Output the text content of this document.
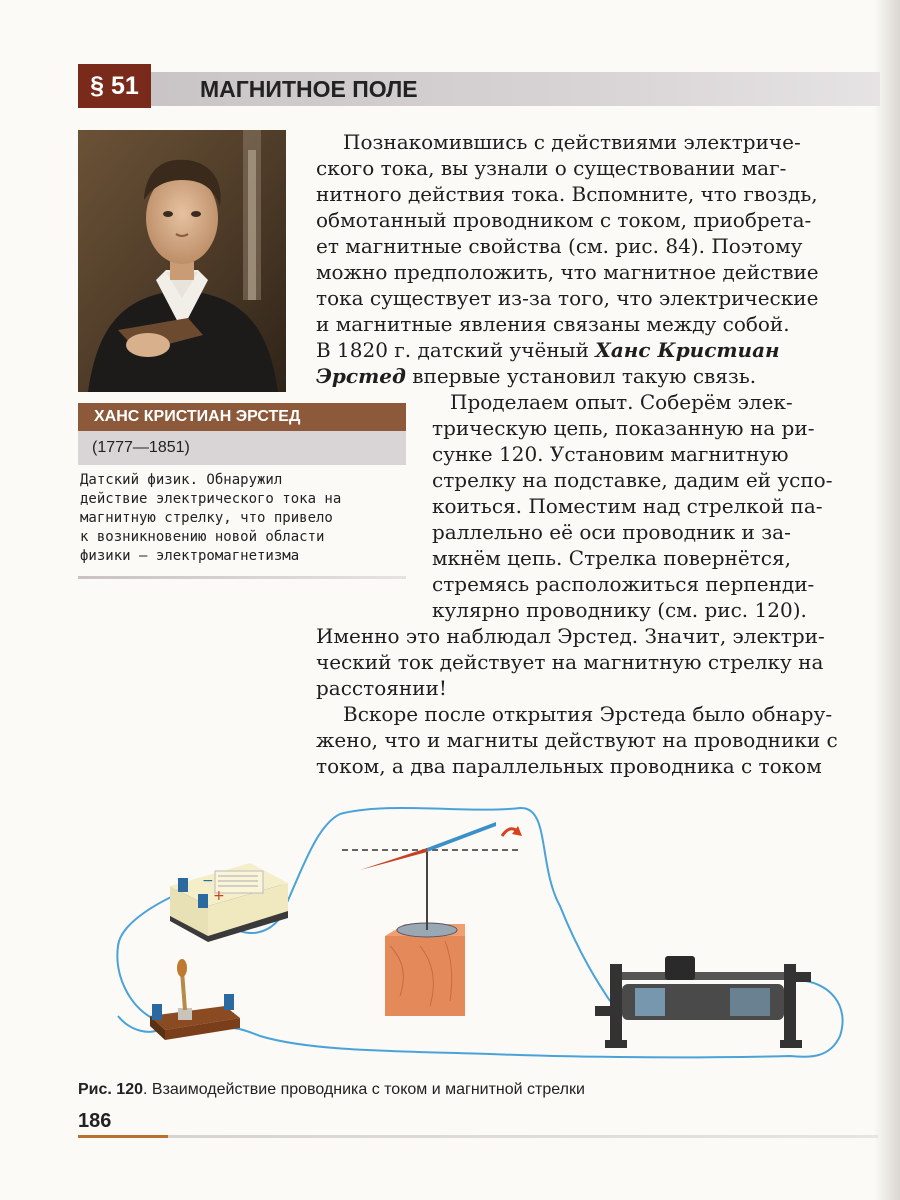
§ 51	МАГНИТНОЕ ПОЛЕ
ХАНС КРИСТИАН ЭРСТЕД
(1777—1851)
Датский физик. Обнаружил
действие электрического тока на
магнитную стрелку, что привело
к возникновению новой области
физики — электромагнетизма
Познакомившись с действиями электриче-
ского тока, вы узнали о существовании маг-
нитного действия тока. Вспомните, что гвоздь,
обмотанный проводником с током, приобрета-
ет магнитные свойства (см. рис. 84). Поэтому
можно предположить, что магнитное действие
тока существует из-за того, что электрические
и магнитные явления связаны между собой.
В 1820 г. датский учёный Ханс Кристиан
Эрстед впервые установил такую связь.
Проделаем опыт. Соберём элек-
трическую цепь, показанную на ри-
сунке 120. Установим магнитную
стрелку на подставке, дадим ей успо-
коиться. Поместим над стрелкой па-
раллельно её оси проводник и за-
мкнём цепь. Стрелка повернётся,
стремясь расположиться перпенди-
кулярно проводнику (см. рис. 120).
Именно это наблюдал Эрстед. Значит, электри-
ческий ток действует на магнитную стрелку на
расстоянии!
Вскоре после открытия Эрстеда было обнару-
жено, что и магниты действуют на проводники с
током, а два параллельных проводника с током
−
+
Рис. 120. Взаимодействие проводника с током и магнитной стрелки
186
